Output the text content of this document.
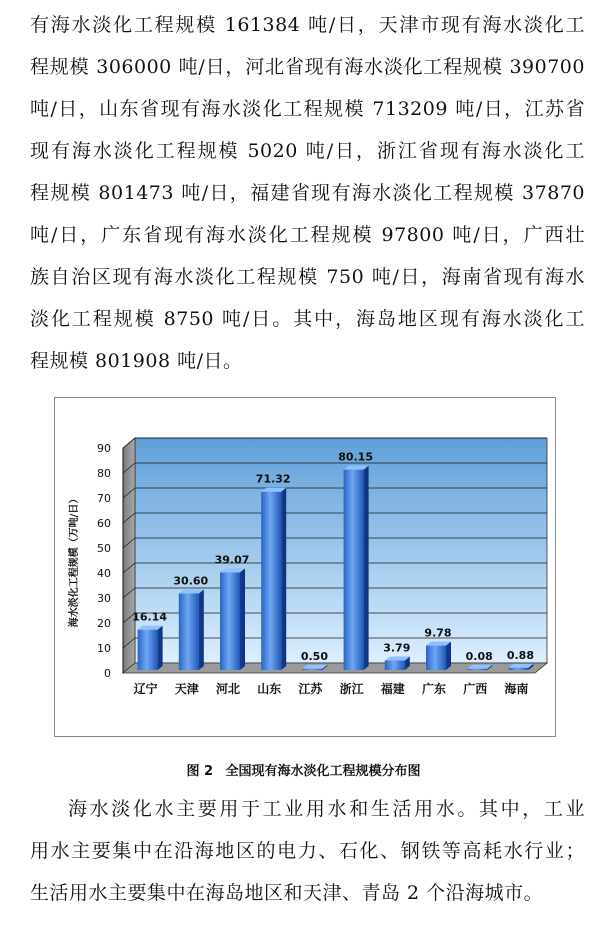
有海水淡化工程规模 161384 吨/日，天津市现有海水淡化工
程规模 306000 吨/日，河北省现有海水淡化工程规模 390700
吨/日，山东省现有海水淡化工程规模 713209 吨/日，江苏省
现有海水淡化工程规模 5020 吨/日，浙江省现有海水淡化工
程规模 801473 吨/日，福建省现有海水淡化工程规模 37870
吨/日，广东省现有海水淡化工程规模 97800 吨/日，广西壮
族自治区现有海水淡化工程规模 750 吨/日，海南省现有海水
淡化工程规模 8750 吨/日。其中，海岛地区现有海水淡化工
程规模 801908 吨/日。
0
10
20
30
40
50
60
70
80
90
海水淡化工程规模（万吨/日）	16.14
辽宁
30.60
天津
39.07
河北
71.32
山东
0.50
江苏
80.15
浙江
3.79
福建
9.78
广东
0.08
广西
0.88
海南
图 2 全国现有海水淡化工程规模分布图
海水淡化水主要用于工业用水和生活用水。其中，工业
用水主要集中在沿海地区的电力、石化、钢铁等高耗水行业；
生活用水主要集中在海岛地区和天津、青岛 2 个沿海城市。
